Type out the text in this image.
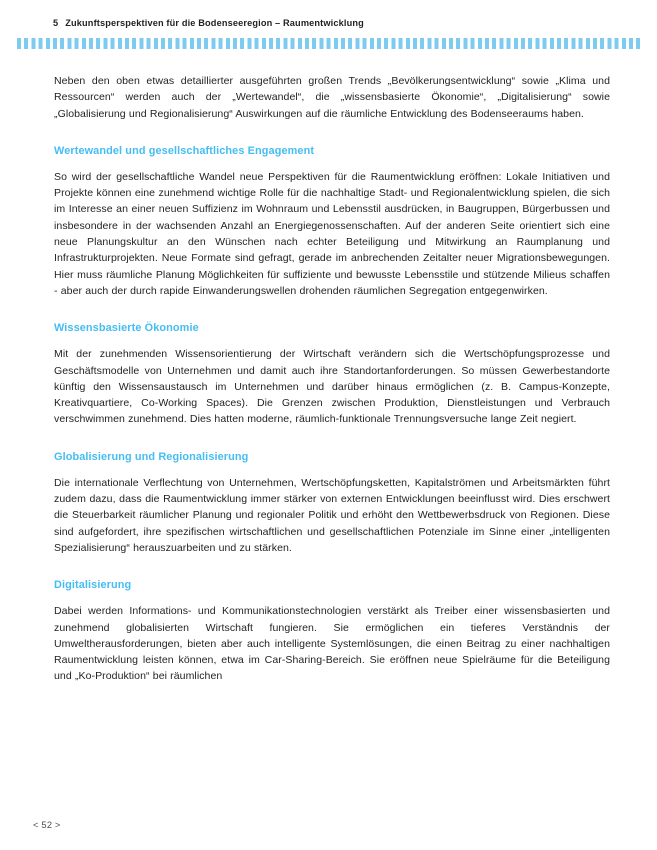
5 Zukunftsperspektiven für die Bodenseeregion – Raumentwicklung

Neben den oben etwas detaillierter ausgeführten großen Trends „Bevölkerungsentwicklung“ sowie „Klima und Ressourcen“ werden auch der „Wertewandel“, die „wissensbasierte Ökonomie“, „Digitalisierung“ sowie „Globalisierung und Regionalisierung“ Auswirkungen auf die räumliche Entwicklung des Bodenseeraums haben.

Wertewandel und gesellschaftliches Engagement

So wird der gesellschaftliche Wandel neue Perspektiven für die Raumentwicklung eröffnen: Lokale Initiativen und Projekte können eine zunehmend wichtige Rolle für die nachhaltige Stadt- und Regionalentwicklung spielen, die sich im Interesse an einer neuen Suffizienz im Wohnraum und Lebensstil ausdrücken, in Baugruppen, Bürgerbussen und insbesondere in der wachsenden Anzahl an Energiegenossenschaften. Auf der anderen Seite orientiert sich eine neue Planungskultur an den Wünschen nach echter Beteiligung und Mitwirkung an Raumplanung und Infrastrukturprojekten. Neue Formate sind gefragt, gerade im anbrechenden Zeitalter neuer Migrationsbewegungen. Hier muss räumliche Planung Möglichkeiten für suffiziente und bewusste Lebensstile und stützende Milieus schaffen - aber auch der durch rapide Einwanderungswellen drohenden räumlichen Segregation entgegenwirken.

Wissensbasierte Ökonomie

Mit der zunehmenden Wissensorientierung der Wirtschaft verändern sich die Wertschöpfungsprozesse und Geschäftsmodelle von Unternehmen und damit auch ihre Standortanforderungen. So müssen Gewerbestandorte künftig den Wissensaustausch im Unternehmen und darüber hinaus ermöglichen (z. B. Campus-Konzepte, Kreativquartiere, Co-Working Spaces). Die Grenzen zwischen Produktion, Dienstleistungen und Verbrauch verschwimmen zunehmend. Dies hatten moderne, räumlich-funktionale Trennungsversuche lange Zeit negiert.

Globalisierung und Regionalisierung

Die internationale Verflechtung von Unternehmen, Wertschöpfungsketten, Kapitalströmen und Arbeitsmärkten führt zudem dazu, dass die Raumentwicklung immer stärker von externen Entwicklungen beeinflusst wird. Dies erschwert die Steuerbarkeit räumlicher Planung und regionaler Politik und erhöht den Wettbewerbsdruck von Regionen. Diese sind aufgefordert, ihre spezifischen wirtschaftlichen und gesellschaftlichen Potenziale im Sinne einer „intelligenten Spezialisierung“ herauszuarbeiten und zu stärken.

Digitalisierung

Dabei werden Informations- und Kommunikationstechnologien verstärkt als Treiber einer wissensbasierten und zunehmend globalisierten Wirtschaft fungieren. Sie ermöglichen ein tieferes Verständnis der Umweltherausforderungen, bieten aber auch intelligente Systemlösungen, die einen Beitrag zu einer nachhaltigen Raumentwicklung leisten können, etwa im Car-Sharing-Bereich. Sie eröffnen neue Spielräume für die Beteiligung und „Ko-Produktion“ bei räumlichen

< 52 >
